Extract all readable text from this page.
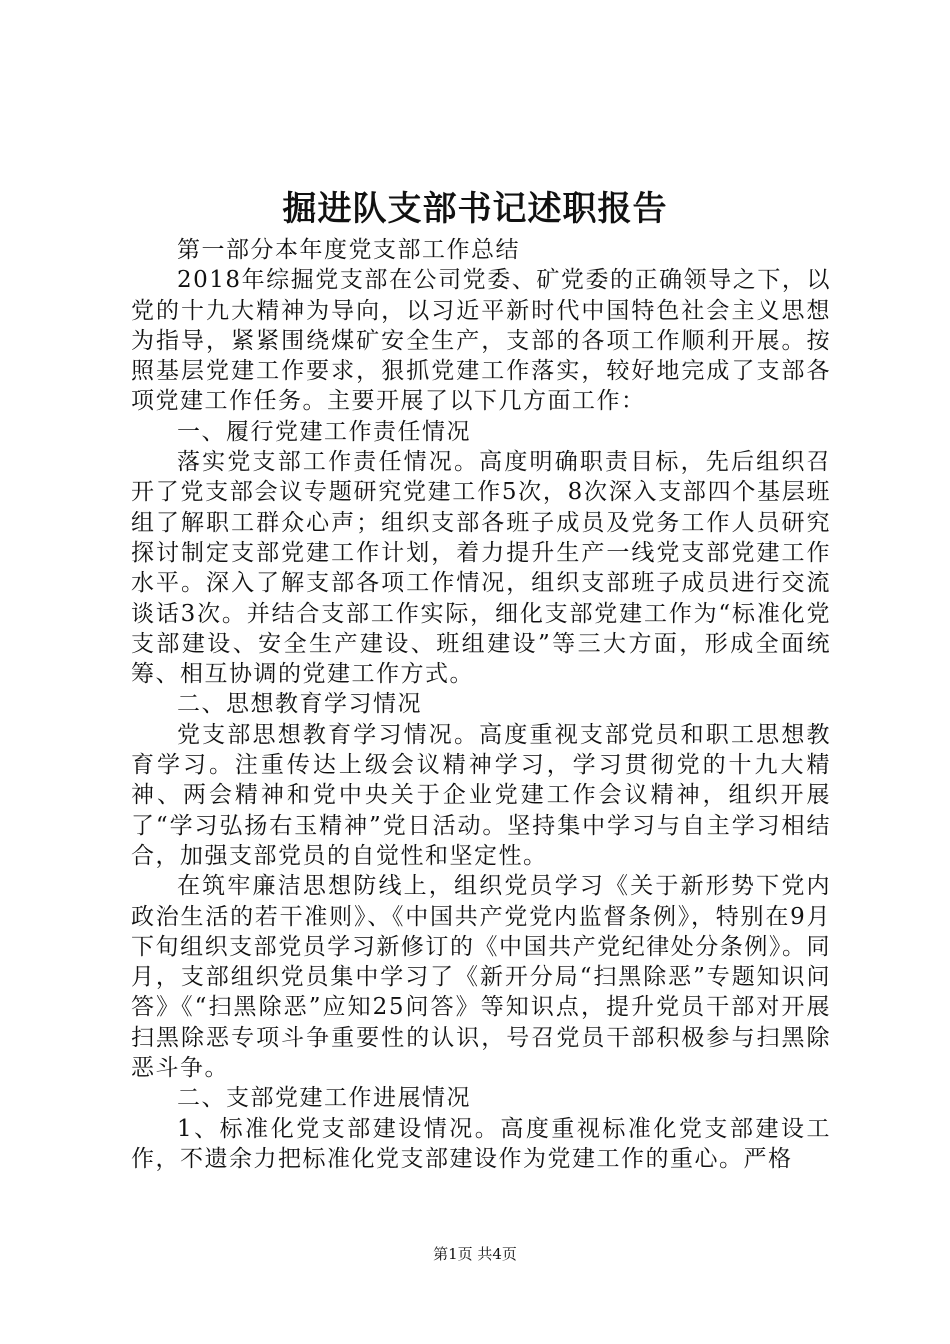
掘进队支部书记述职报告

第一部分本年度党支部工作总结

2018年综掘党支部在公司党委、矿党委的正确领导之下，以党的十九大精神为导向，以习近平新时代中国特色社会主义思想为指导，紧紧围绕煤矿安全生产，支部的各项工作顺利开展。按照基层党建工作要求，狠抓党建工作落实，较好地完成了支部各项党建工作任务。主要开展了以下几方面工作：

一、履行党建工作责任情况

落实党支部工作责任情况。高度明确职责目标，先后组织召开了党支部会议专题研究党建工作5次，8次深入支部四个基层班组了解职工群众心声；组织支部各班子成员及党务工作人员研究探讨制定支部党建工作计划，着力提升生产一线党支部党建工作水平。深入了解支部各项工作情况，组织支部班子成员进行交流谈话3次。并结合支部工作实际，细化支部党建工作为“标准化党支部建设、安全生产建设、班组建设”等三大方面，形成全面统筹、相互协调的党建工作方式。

二、思想教育学习情况

党支部思想教育学习情况。高度重视支部党员和职工思想教育学习。注重传达上级会议精神学习，学习贯彻党的十九大精神、两会精神和党中央关于企业党建工作会议精神，组织开展了“学习弘扬右玉精神”党日活动。坚持集中学习与自主学习相结合，加强支部党员的自觉性和坚定性。

在筑牢廉洁思想防线上，组织党员学习《关于新形势下党内政治生活的若干准则》、《中国共产党党内监督条例》，特别在9月下旬组织支部党员学习新修订的《中国共产党纪律处分条例》。同月，支部组织党员集中学习了《新开分局“扫黑除恶”专题知识问答》《“扫黑除恶”应知25问答》等知识点，提升党员干部对开展扫黑除恶专项斗争重要性的认识，号召党员干部积极参与扫黑除恶斗争。

二、支部党建工作进展情况

1、标准化党支部建设情况。高度重视标准化党支部建设工作，不遗余力把标准化党支部建设作为党建工作的重心。严格

第1页 共4页
